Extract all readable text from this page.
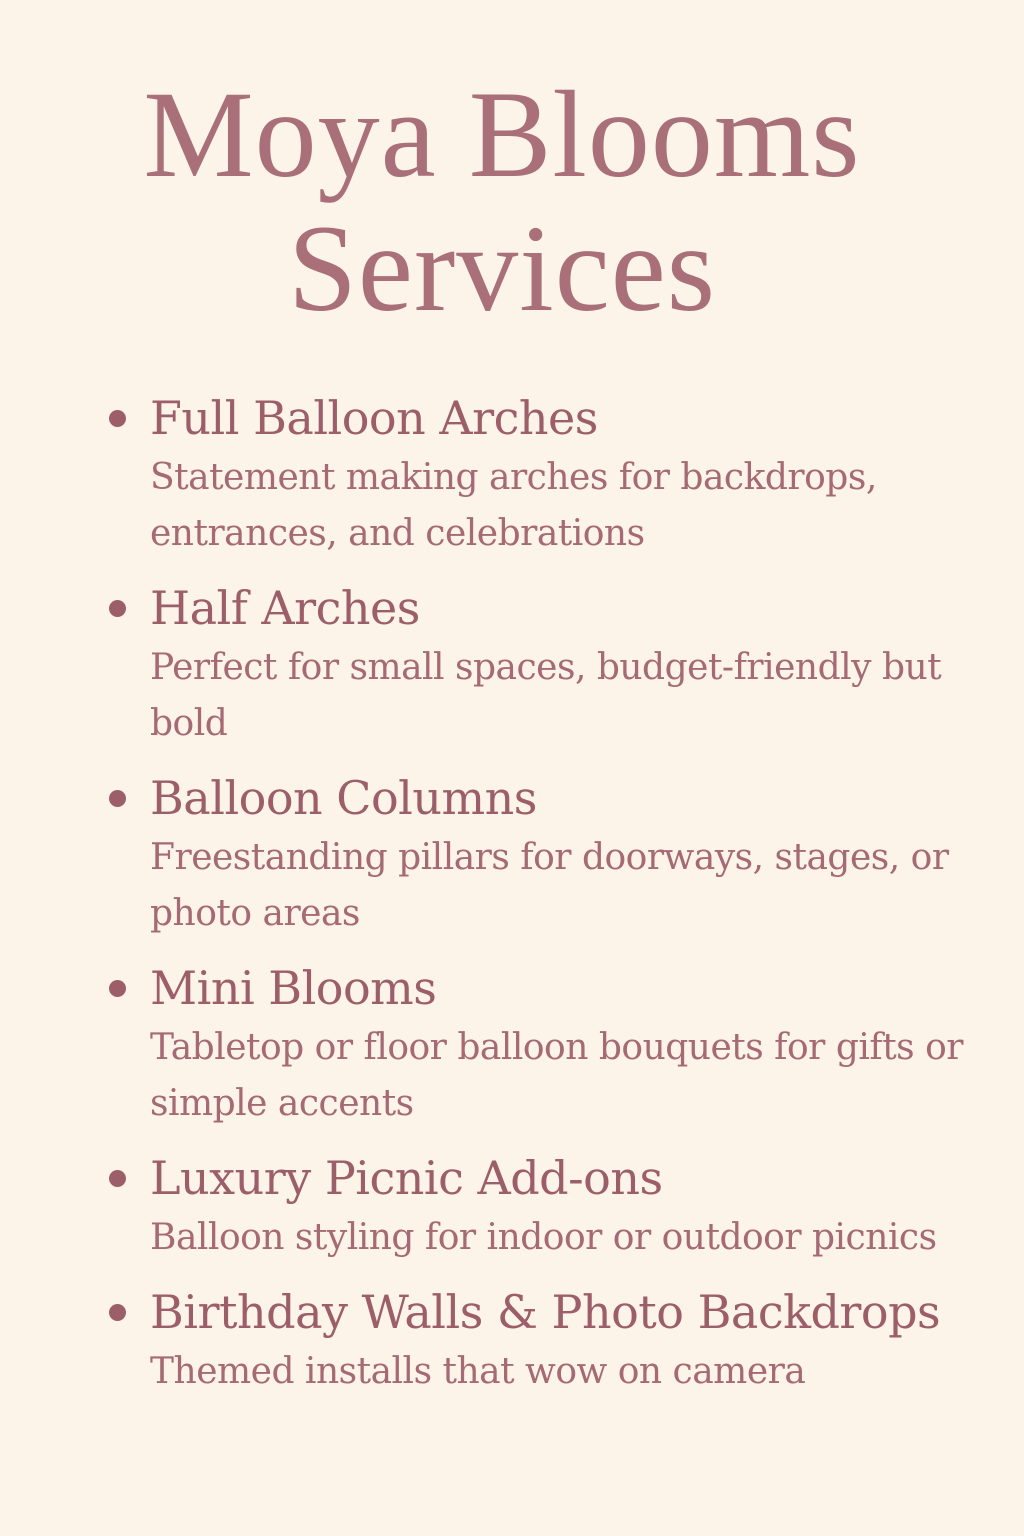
Moya Blooms
Services
Full Balloon Arches
Statement making arches for backdrops, entrances, and celebrations
Half Arches
Perfect for small spaces, budget-friendly but bold
Balloon Columns
Freestanding pillars for doorways, stages, or photo areas
Mini Blooms
Tabletop or floor balloon bouquets for gifts or simple accents
Luxury Picnic Add-ons
Balloon styling for indoor or outdoor picnics
Birthday Walls & Photo Backdrops
Themed installs that wow on camera
